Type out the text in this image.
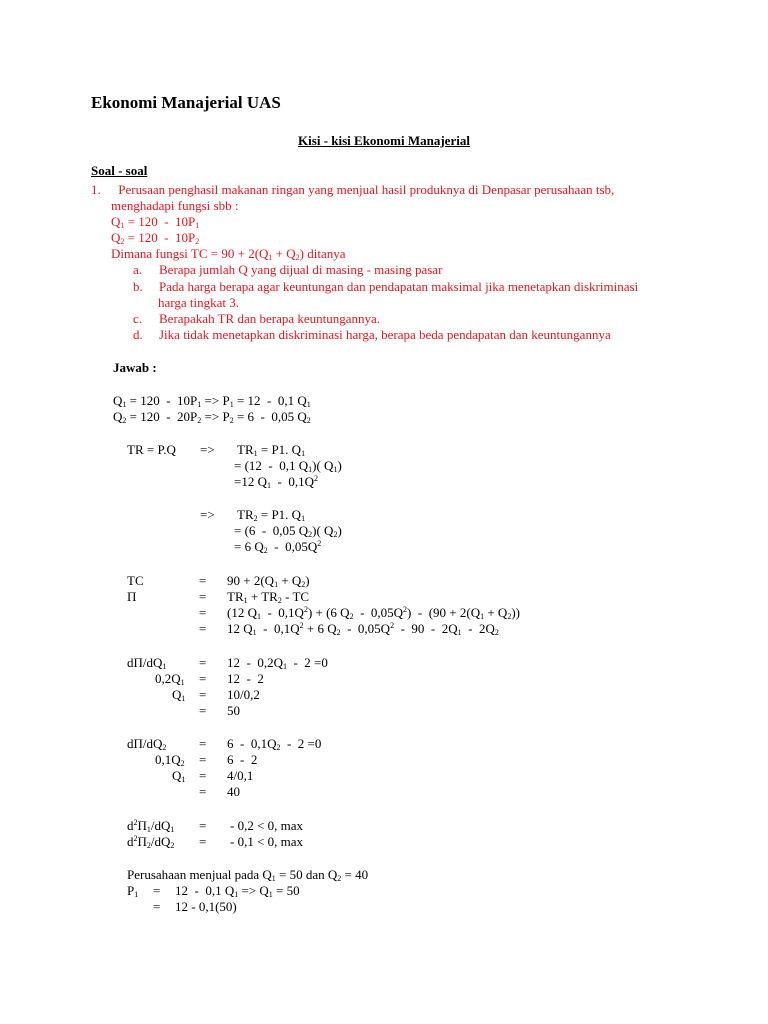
Ekonomi Manajerial UAS
Kisi - kisi Ekonomi Manajerial
Soal - soal
1. Perusaan penghasil makanan ringan yang menjual hasil produknya di Denpasar perusahaan tsb,
menghadapi fungsi sbb :
$Q_1 = 120 - 10P_1$
$Q_2 = 120 - 10P_2$
Dimana fungsi TC = $90 + 2(Q_1 + Q_2)$ ditanya
a. Berapa jumlah Q yang dijual di masing - masing pasar
b. Pada harga berapa agar keuntungan dan pendapatan maksimal jika menetapkan diskriminasi
harga tingkat 3.
c. Berapakah TR dan berapa keuntungannya.
d. Jika tidak menetapkan diskriminasi harga, berapa beda pendapatan dan keuntungannya
Jawab :
$Q_1 = 120 - 10P_1 => P_1 = 12 - 0,1$ $Q_1$
$Q_2 = 120 - 20P_2 => P_2 = 6 - 0,05$ $Q_2$
TR = $P.Q => TR_1 = P1$. $Q_1$
= (12  -  0,1 $Q_1$)( $Q_1$)
=12 $Q_1 - 0,1Q^2$
=> $TR_2 = P1$. $Q_1$
= (6  -  0,05 $Q_2$)( $Q_2$)
= 6 $Q_2 - 0,05Q^2$
TC	= $90 + 2(Q_1 + Q_2)$
Π	= $TR_1 + TR_2$ - TC
= (12 $Q_1 - 0,1Q^2) + (6$ $Q_2 - 0,05Q^2) - (90 + 2(Q_1 + Q_2))$
= 12 $Q_1 - 0,1Q^2 + 6$ $Q_2 - 0,05Q^2 - 90 - 2Q_1 - 2Q_2$
$d\Pi/dQ_1$	= $12 - 0,2Q_1 - 2 =0$
$0,2Q_1 = 12 - 2$
$Q_1 = 10/0,2$
= 50
$d\Pi/dQ_2$	= $6 - 0,1Q_2 - 2 =0$
$0,1Q_2 = 6 - 2$
$Q_1 = 4/0,1$
= 40
$d^2\Pi_1/dQ_1$ = - 0,2 < 0, max
$d^2\Pi_2/dQ_2$ = - 0,1 < 0, max
Perusahaan menjual pada $Q_1 = 50$ dan $Q_2 = 40$
$P_1 = 12 - 0,1$ $Q_1 => Q_1 = 50$
= 12 - 0,1(50)
